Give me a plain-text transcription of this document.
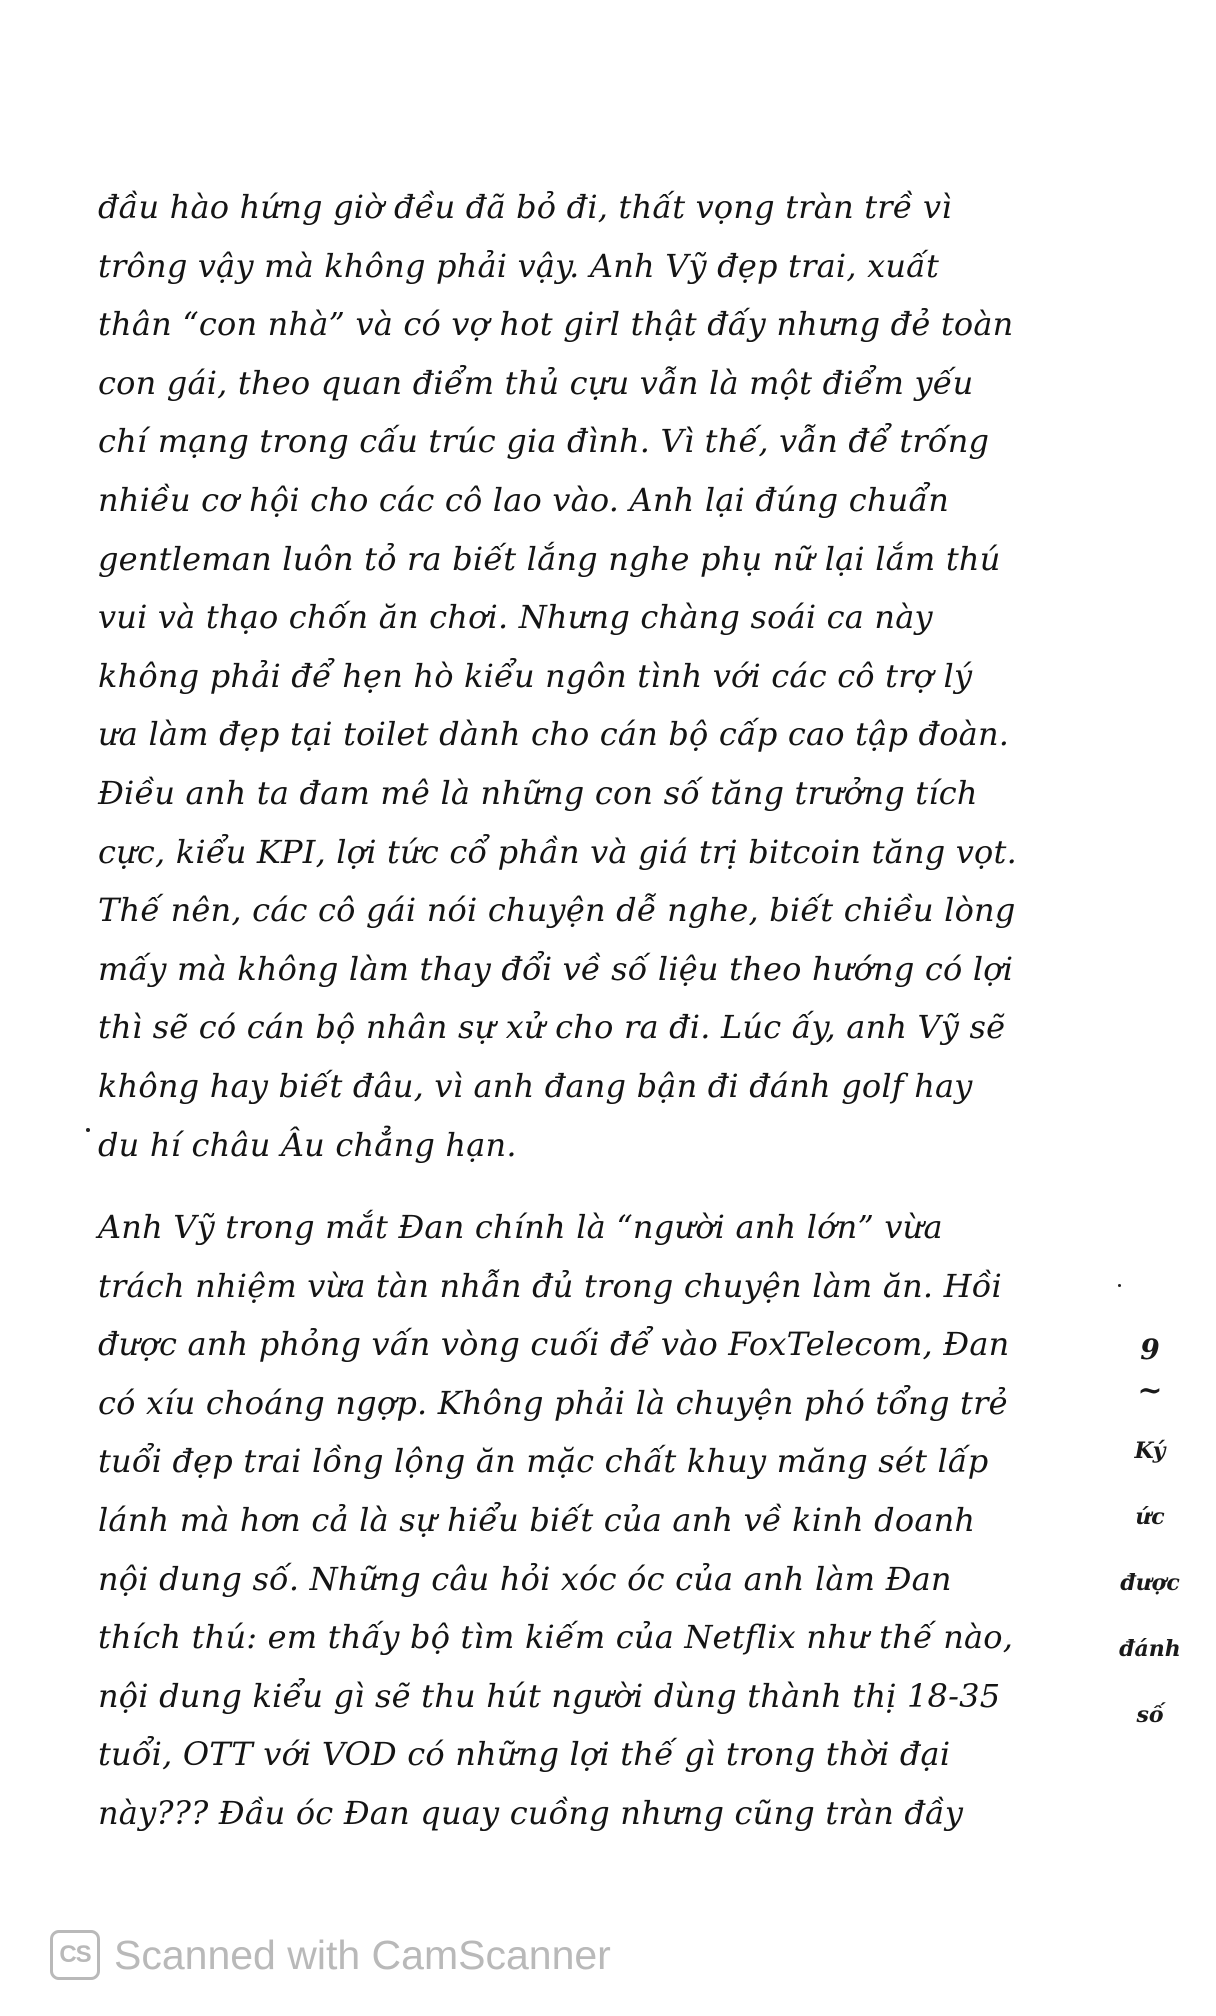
đầu hào hứng giờ đều đã bỏ đi, thất vọng tràn trề vì
trông vậy mà không phải vậy. Anh Vỹ đẹp trai, xuất
thân “con nhà” và có vợ hot girl thật đấy nhưng đẻ toàn
con gái, theo quan điểm thủ cựu vẫn là một điểm yếu
chí mạng trong cấu trúc gia đình. Vì thế, vẫn để trống
nhiều cơ hội cho các cô lao vào. Anh lại đúng chuẩn
gentleman luôn tỏ ra biết lắng nghe phụ nữ lại lắm thú
vui và thạo chốn ăn chơi. Nhưng chàng soái ca này
không phải để hẹn hò kiểu ngôn tình với các cô trợ lý
ưa làm đẹp tại toilet dành cho cán bộ cấp cao tập đoàn.
Điều anh ta đam mê là những con số tăng trưởng tích
cực, kiểu KPI, lợi tức cổ phần và giá trị bitcoin tăng vọt.
Thế nên, các cô gái nói chuyện dễ nghe, biết chiều lòng
mấy mà không làm thay đổi về số liệu theo hướng có lợi
thì sẽ có cán bộ nhân sự xử cho ra đi. Lúc ấy, anh Vỹ sẽ
không hay biết đâu, vì anh đang bận đi đánh golf hay
du hí châu Âu chẳng hạn.
Anh Vỹ trong mắt Đan chính là “người anh lớn” vừa
trách nhiệm vừa tàn nhẫn đủ trong chuyện làm ăn. Hồi
được anh phỏng vấn vòng cuối để vào FoxTelecom, Đan
có xíu choáng ngợp. Không phải là chuyện phó tổng trẻ
tuổi đẹp trai lồng lộng ăn mặc chất khuy măng sét lấp
lánh mà hơn cả là sự hiểu biết của anh về kinh doanh
nội dung số. Những câu hỏi xóc óc của anh làm Đan
thích thú: em thấy bộ tìm kiếm của Netflix như thế nào,
nội dung kiểu gì sẽ thu hút người dùng thành thị 18-35
tuổi, OTT với VOD có những lợi thế gì trong thời đại
này??? Đầu óc Đan quay cuồng nhưng cũng tràn đầy
9
~
Ký
ức
được
đánh
số
CS Scanned with CamScanner
